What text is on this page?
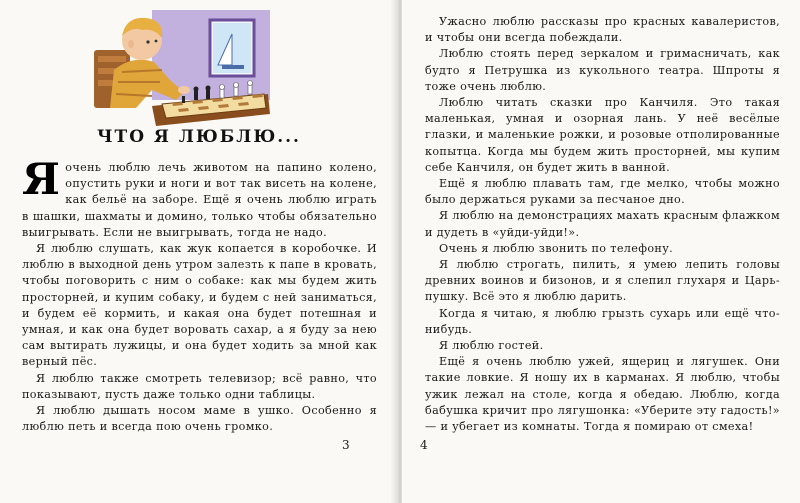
ЧТО Я ЛЮБЛЮ...

Я очень люблю лечь животом на папино колено, опустить руки и ноги и вот так висеть на колене, как бельё на заборе. Ещё я очень люблю играть в шашки, шахматы и домино, только чтобы обязательно выигрывать. Если не выигрывать, тогда не надо.

Я люблю слушать, как жук копается в коробочке. И люблю в выходной день утром залезть к папе в кровать, чтобы поговорить с ним о собаке: как мы будем жить просторней, и купим собаку, и будем с ней заниматься, и будем её кормить, и какая она будет потешная и умная, и как она будет воровать сахар, а я буду за нею сам вытирать лужицы, и она будет ходить за мной как верный пёс.

Я люблю также смотреть телевизор; всё равно, что показывают, пусть даже только одни таблицы.

Я люблю дышать носом маме в ушко. Особенно я люблю петь и всегда пою очень громко.

3

Ужасно люблю рассказы про красных кавалеристов, и чтобы они всегда побеждали.

Люблю стоять перед зеркалом и гримасничать, как будто я Петрушка из кукольного театра. Шпроты я тоже очень люблю.

Люблю читать сказки про Канчиля. Это такая маленькая, умная и озорная лань. У неё весёлые глазки, и маленькие рожки, и розовые отполированные копытца. Когда мы будем жить просторней, мы купим себе Канчиля, он будет жить в ванной.

Ещё я люблю плавать там, где мелко, чтобы можно было держаться руками за песчаное дно.

Я люблю на демонстрациях махать красным флажком и дудеть в «уйди-уйди!».

Очень я люблю звонить по телефону.

Я люблю строгать, пилить, я умею лепить головы древних воинов и бизонов, и я слепил глухаря и Царь-пушку. Всё это я люблю дарить.

Когда я читаю, я люблю грызть сухарь или ещё что-нибудь.

Я люблю гостей.

Ещё я очень люблю ужей, ящериц и лягушек. Они такие ловкие. Я ношу их в карманах. Я люблю, чтобы ужик лежал на столе, когда я обедаю. Люблю, когда бабушка кричит про лягушонка: «Уберите эту гадость!» — и убегает из комнаты. Тогда я помираю от смеха!

4
